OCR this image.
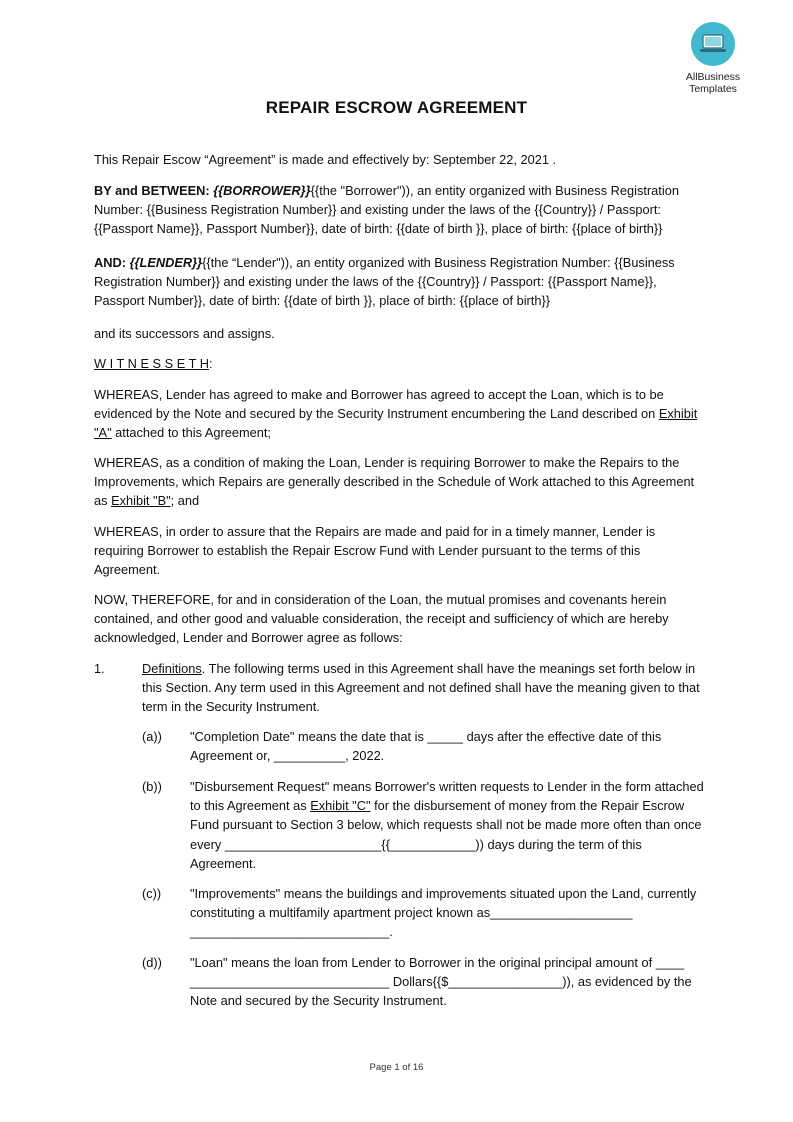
AllBusiness
Templates
REPAIR ESCROW AGREEMENT

This Repair Escow “Agreement” is made and effectively by: September 22, 2021 .

BY and BETWEEN: {{BORROWER}}{{the "Borrower")), an entity organized with Business Registration Number: {{Business Registration Number}} and existing under the laws of the {{Country}} / Passport: {{Passport Name}}, Passport Number}}, date of birth: {{date of birth }}, place of birth: {{place of birth}}

AND: {{LENDER}}{{the “Lender")), an entity organized with Business Registration Number: {{Business Registration Number}} and existing under the laws of the {{Country}} / Passport: {{Passport Name}}, Passport Number}}, date of birth: {{date of birth }}, place of birth: {{place of birth}}

and its successors and assigns.

W I T N E S S E T H:

WHEREAS, Lender has agreed to make and Borrower has agreed to accept the Loan, which is to be evidenced by the Note and secured by the Security Instrument encumbering the Land described on Exhibit "A" attached to this Agreement;

WHEREAS, as a condition of making the Loan, Lender is requiring Borrower to make the Repairs to the Improvements, which Repairs are generally described in the Schedule of Work attached to this Agreement as Exhibit "B"; and

WHEREAS, in order to assure that the Repairs are made and paid for in a timely manner, Lender is requiring Borrower to establish the Repair Escrow Fund with Lender pursuant to the terms of this Agreement.

NOW, THEREFORE, for and in consideration of the Loan, the mutual promises and covenants herein contained, and other good and valuable consideration, the receipt and sufficiency of which are hereby acknowledged, Lender and Borrower agree as follows:

1.	Definitions. The following terms used in this Agreement shall have the meanings set forth below in this Section. Any term used in this Agreement and not defined shall have the meaning given to that term in the Security Instrument.

(a)) "Completion Date" means the date that is _____ days after the effective date of this

Agreement or, __________, 2022.

(b)) "Disbursement Request" means Borrower's written requests to Lender in the form attached to this Agreement as Exhibit "C" for the disbursement of money from the Repair Escrow Fund pursuant to Section 3 below, which requests shall not be made more often than once every ______________________{{____________)) days during the term of this Agreement.

(c)) "Improvements" means the buildings and improvements situated upon the Land, currently constituting a multifamily apartment project known as____________________ ____________________________.

(d)) "Loan" means the loan from Lender to Borrower in the original principal amount of ____ ____________________________ Dollars{{$________________)), as evidenced by the Note and secured by the Security Instrument.

Page 1 of 16
